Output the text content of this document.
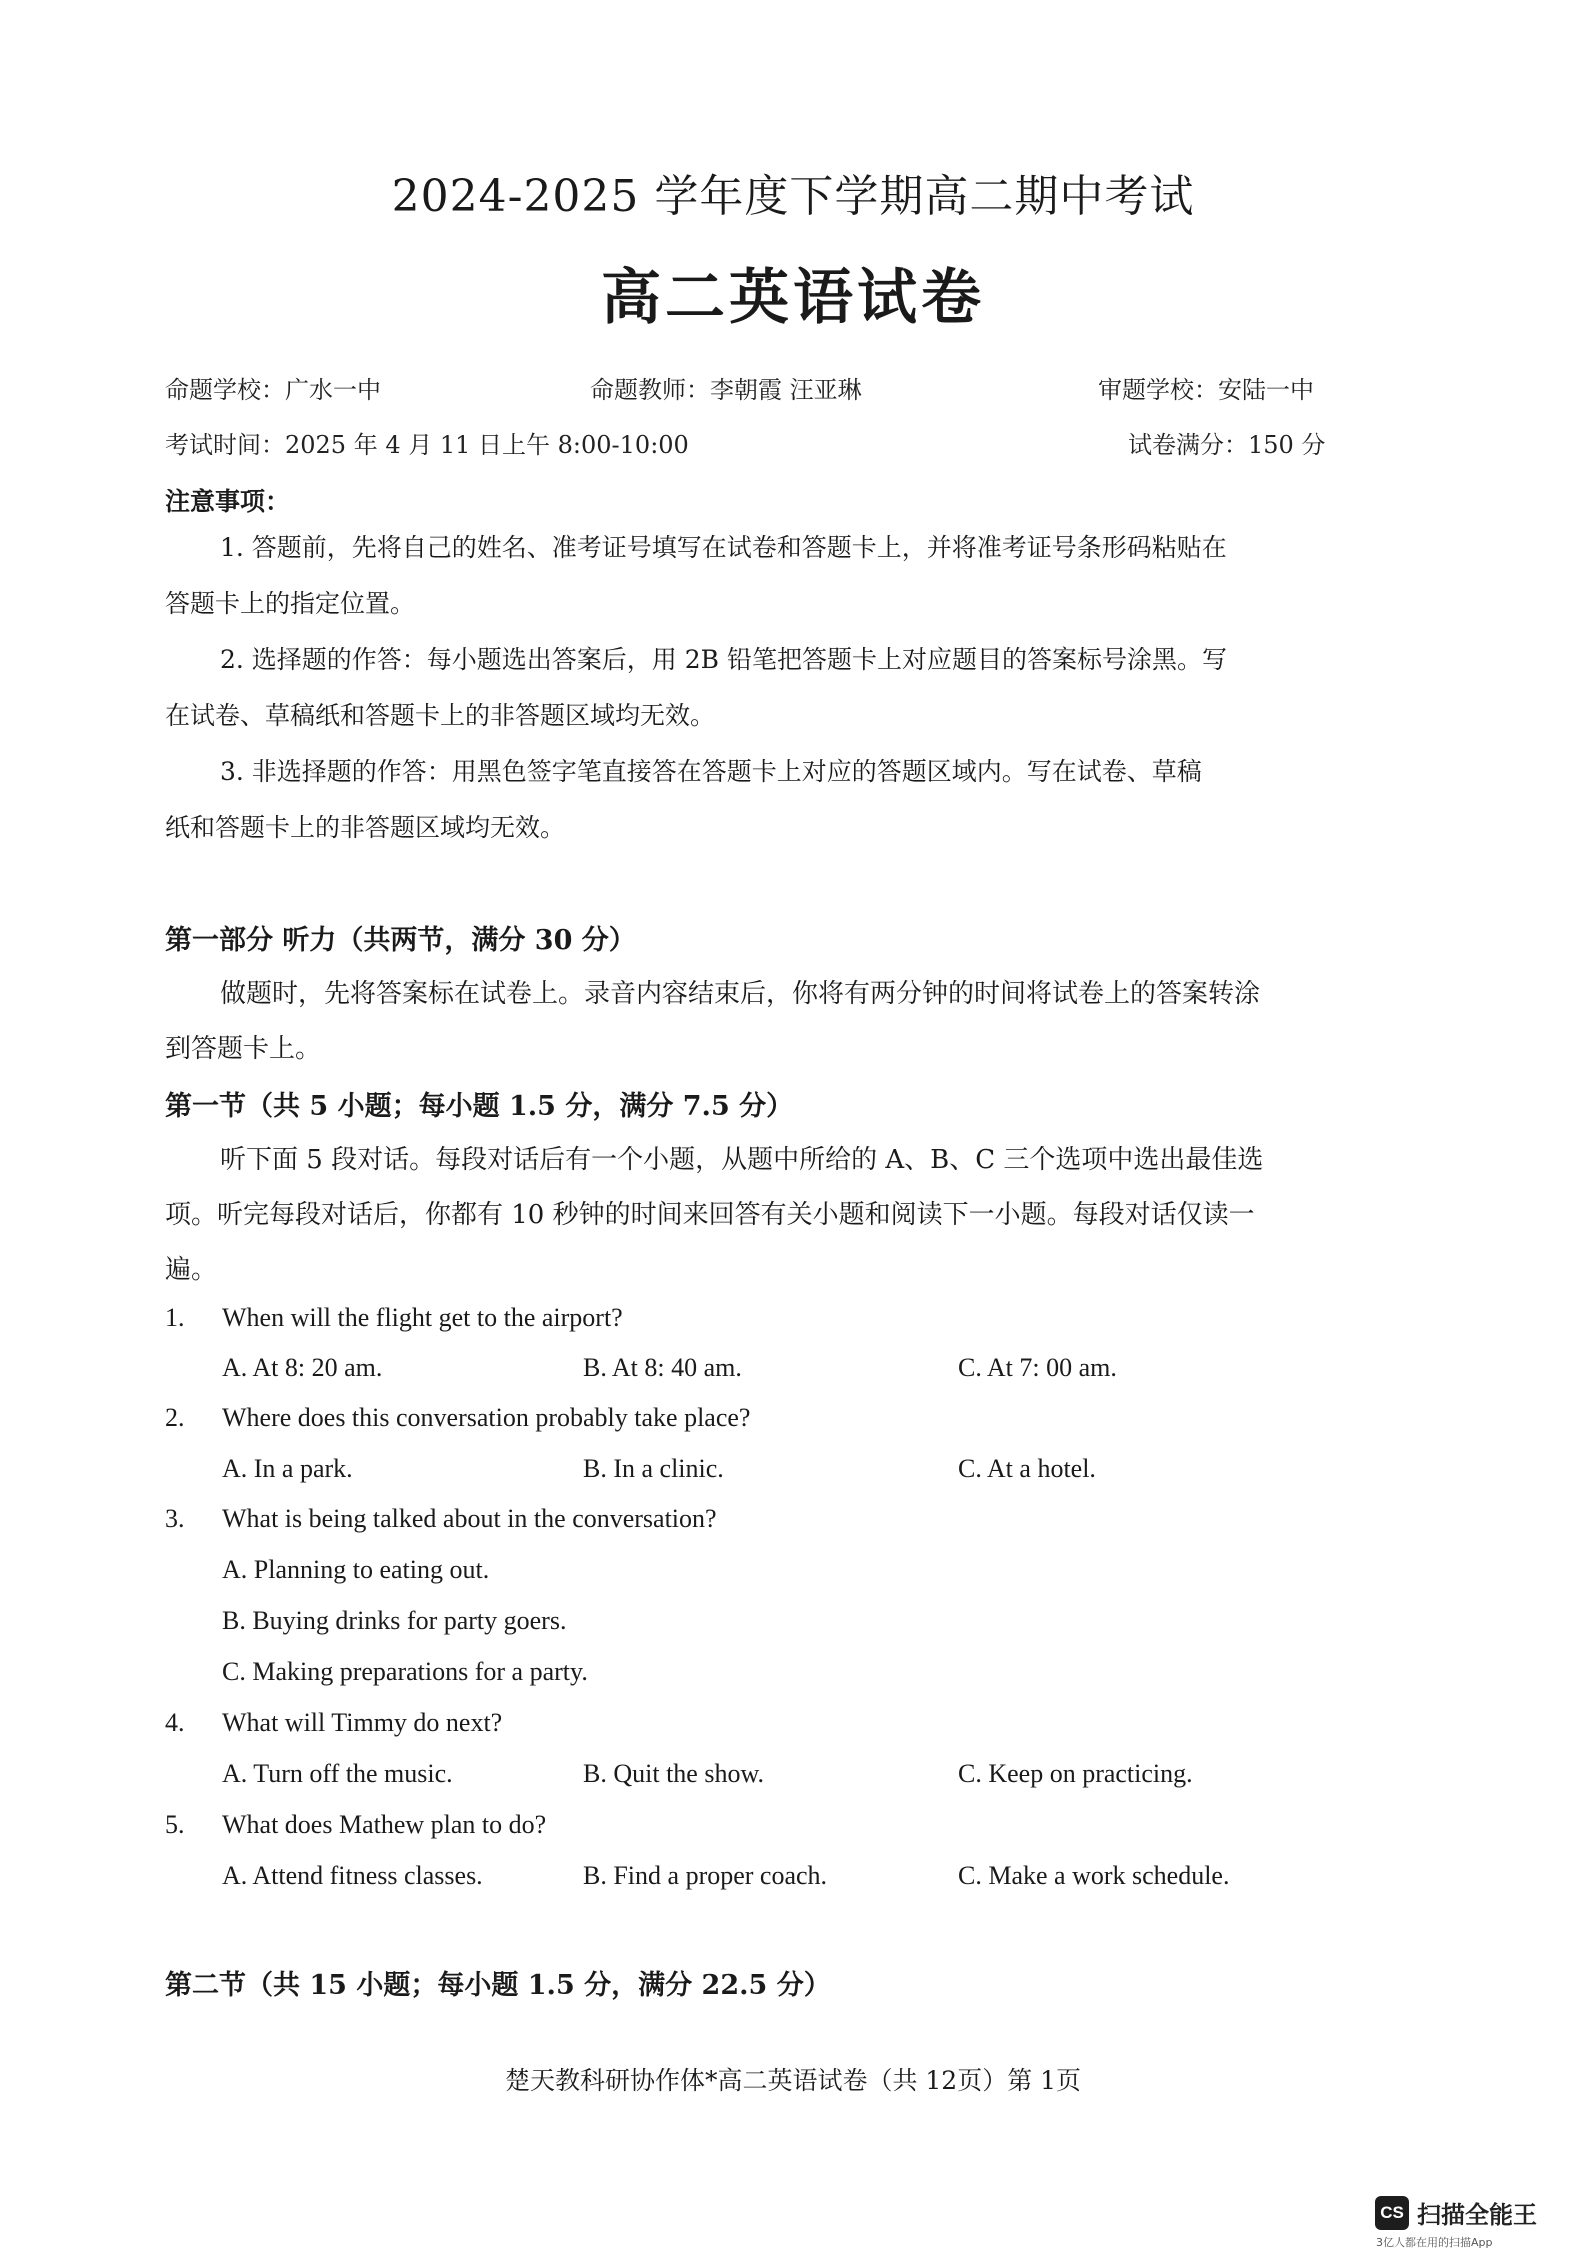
2024-2025 学年度下学期高二期中考试
高二英语试卷
命题学校：广水一中	命题教师：李朝霞 汪亚琳	审题学校：安陆一中
考试时间：2025 年 4 月 11 日上午 8:00-10:00	试卷满分：150 分
注意事项：
1. 答题前，先将自己的姓名、准考证号填写在试卷和答题卡上，并将准考证号条形码粘贴在
答题卡上的指定位置。
2. 选择题的作答：每小题选出答案后，用 2B 铅笔把答题卡上对应题目的答案标号涂黑。写
在试卷、草稿纸和答题卡上的非答题区域均无效。
3. 非选择题的作答：用黑色签字笔直接答在答题卡上对应的答题区域内。写在试卷、草稿
纸和答题卡上的非答题区域均无效。
第一部分 听力（共两节，满分 30 分）
做题时，先将答案标在试卷上。录音内容结束后，你将有两分钟的时间将试卷上的答案转涂
到答题卡上。
第一节（共 5 小题；每小题 1.5 分，满分 7.5 分）
听下面 5 段对话。每段对话后有一个小题，从题中所给的 A、B、C 三个选项中选出最佳选
项。听完每段对话后，你都有 10 秒钟的时间来回答有关小题和阅读下一小题。每段对话仅读一
遍。
1. When will the flight get to the airport?
A. At 8: 20 am.	B. At 8: 40 am.	C. At 7: 00 am.
2. Where does this conversation probably take place?
A. In a park.	B. In a clinic.	C. At a hotel.
3. What is being talked about in the conversation?
A. Planning to eating out.
B. Buying drinks for party goers.
C. Making preparations for a party.
4. What will Timmy do next?
A. Turn off the music.	B. Quit the show.	C. Keep on practicing.
5. What does Mathew plan to do?
A. Attend fitness classes.	B. Find a proper coach.	C. Make a work schedule.
第二节（共 15 小题；每小题 1.5 分，满分 22.5 分）
楚天教科研协作体*高二英语试卷（共 12页）第 1页
CS 扫描全能王
3亿人都在用的扫描App
